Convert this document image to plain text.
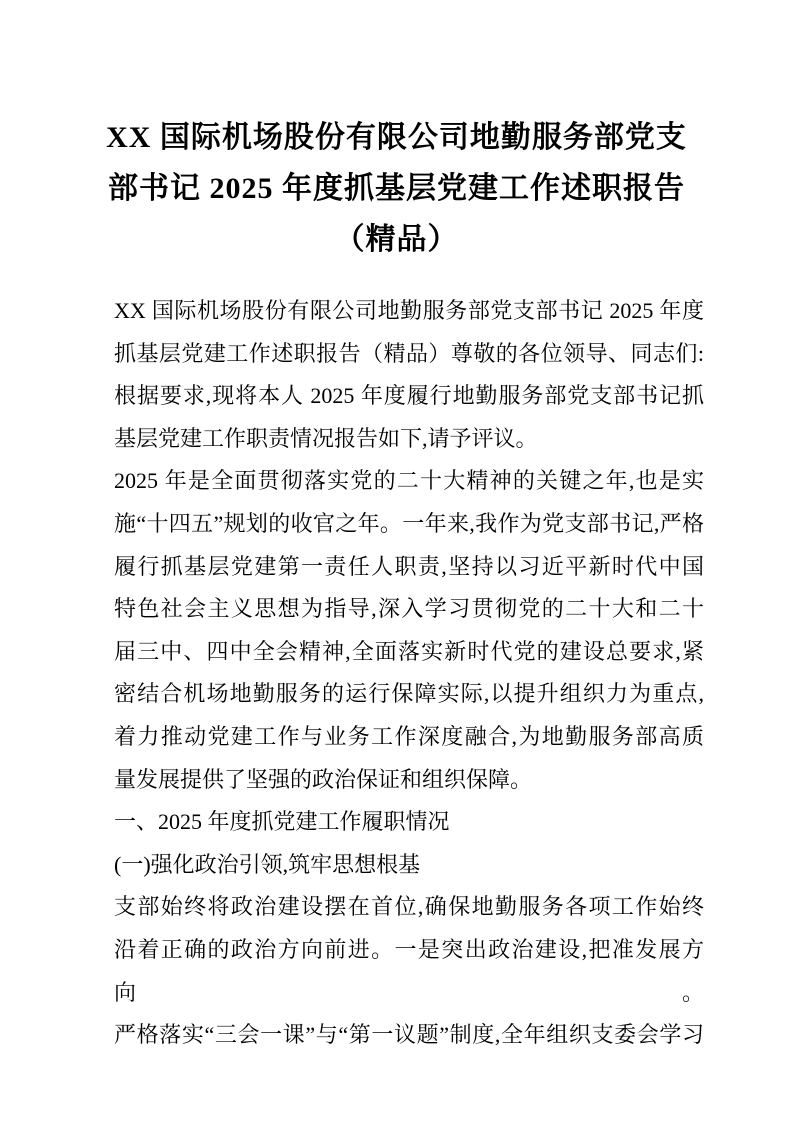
XX 国际机场股份有限公司地勤服务部党支
部书记 2025 年度抓基层党建工作述职报告
（精品）
XX 国际机场股份有限公司地勤服务部党支部书记 2025 年度
抓基层党建工作述职报告（精品）尊敬的各位领导、同志们:
根据要求,现将本人 2025 年度履行地勤服务部党支部书记抓
基层党建工作职责情况报告如下,请予评议。
2025 年是全面贯彻落实党的二十大精神的关键之年,也是实
施“十四五”规划的收官之年。一年来,我作为党支部书记,严格
履行抓基层党建第一责任人职责,坚持以习近平新时代中国
特色社会主义思想为指导,深入学习贯彻党的二十大和二十
届三中、四中全会精神,全面落实新时代党的建设总要求,紧
密结合机场地勤服务的运行保障实际,以提升组织力为重点,
着力推动党建工作与业务工作深度融合,为地勤服务部高质
量发展提供了坚强的政治保证和组织保障。
一、2025 年度抓党建工作履职情况
(一)强化政治引领,筑牢思想根基
支部始终将政治建设摆在首位,确保地勤服务各项工作始终
沿着正确的政治方向前进。一是突出政治建设,把准发展方向。
严格落实“三会一课”与“第一议题”制度,全年组织支委会学习
